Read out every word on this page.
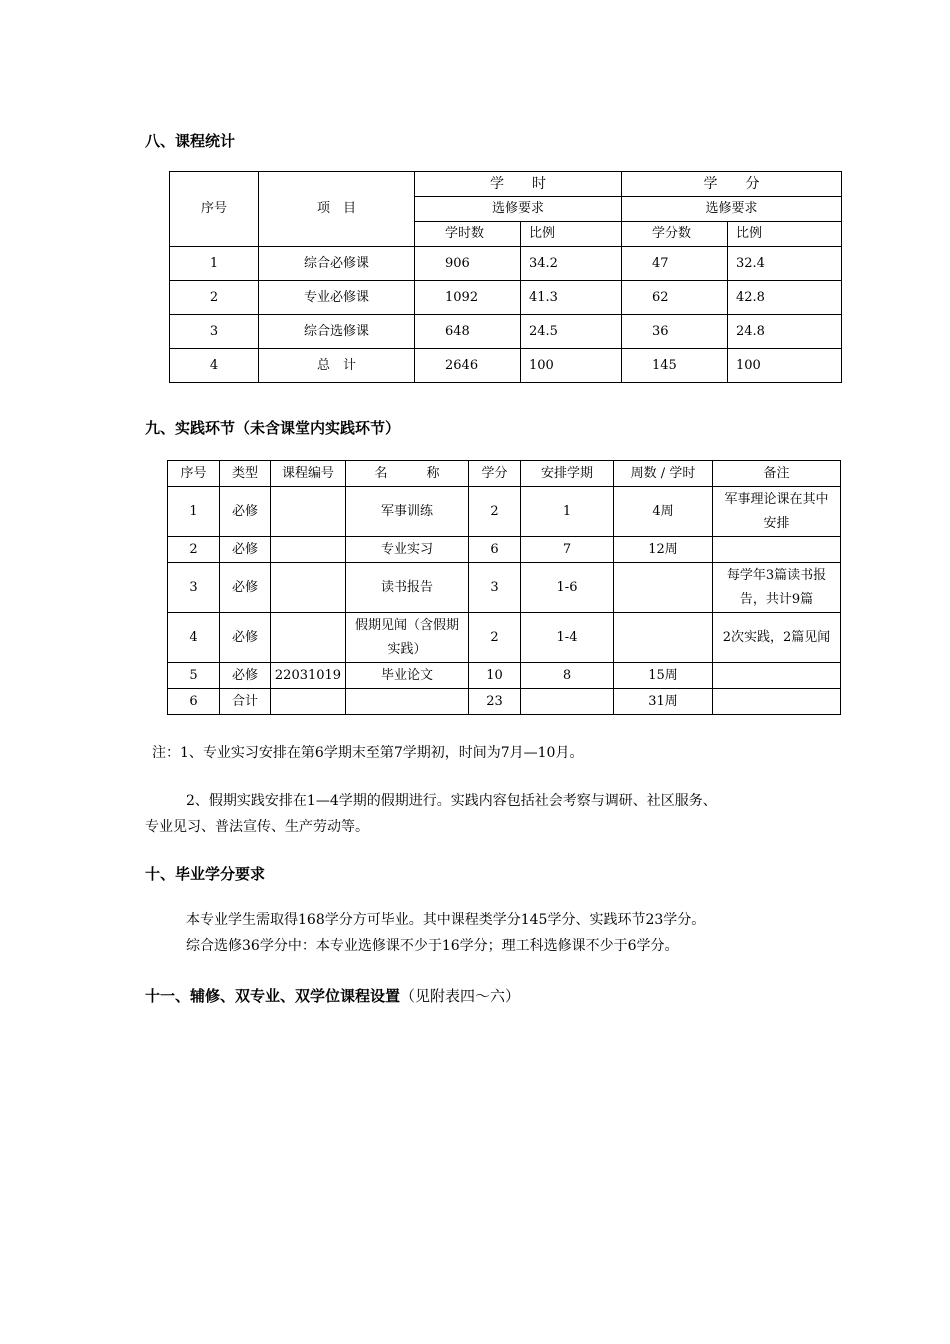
八、课程统计
序号	项　目	学　　时		学　　分	
		选修要求		选修要求	
		学时数	比例	学分数	比例
1	综合必修课	906	34.2	47	32.4
2	专业必修课	1092	41.3	62	42.8
3	综合选修课	648	24.5	36	24.8
4	总　计	2646	100	145	100
九、实践环节（未含课堂内实践环节）
序号	类型	课程编号	名　　　称	学分	安排学期	周数 / 学时	备注
1	必修		军事训练	2	1	4周	军事理论课在其中安排
2	必修		专业实习	6	7	12周	
3	必修		读书报告	3	1-6		每学年3篇读书报告，共计9篇
4	必修		假期见闻（含假期实践）	2	1-4		2次实践，2篇见闻
5	必修	22031019	毕业论文	10	8	15周	
6	合计			23		31周	
注：1、专业实习安排在第6学期末至第7学期初，时间为7月—10月。
2、假期实践安排在1—4学期的假期进行。实践内容包括社会考察与调研、社区服务、
专业见习、普法宣传、生产劳动等。
十、毕业学分要求
本专业学生需取得168学分方可毕业。其中课程类学分145学分、实践环节23学分。
综合选修36学分中：本专业选修课不少于16学分；理工科选修课不少于6学分。
十一、辅修、双专业、双学位课程设置（见附表四～六）
